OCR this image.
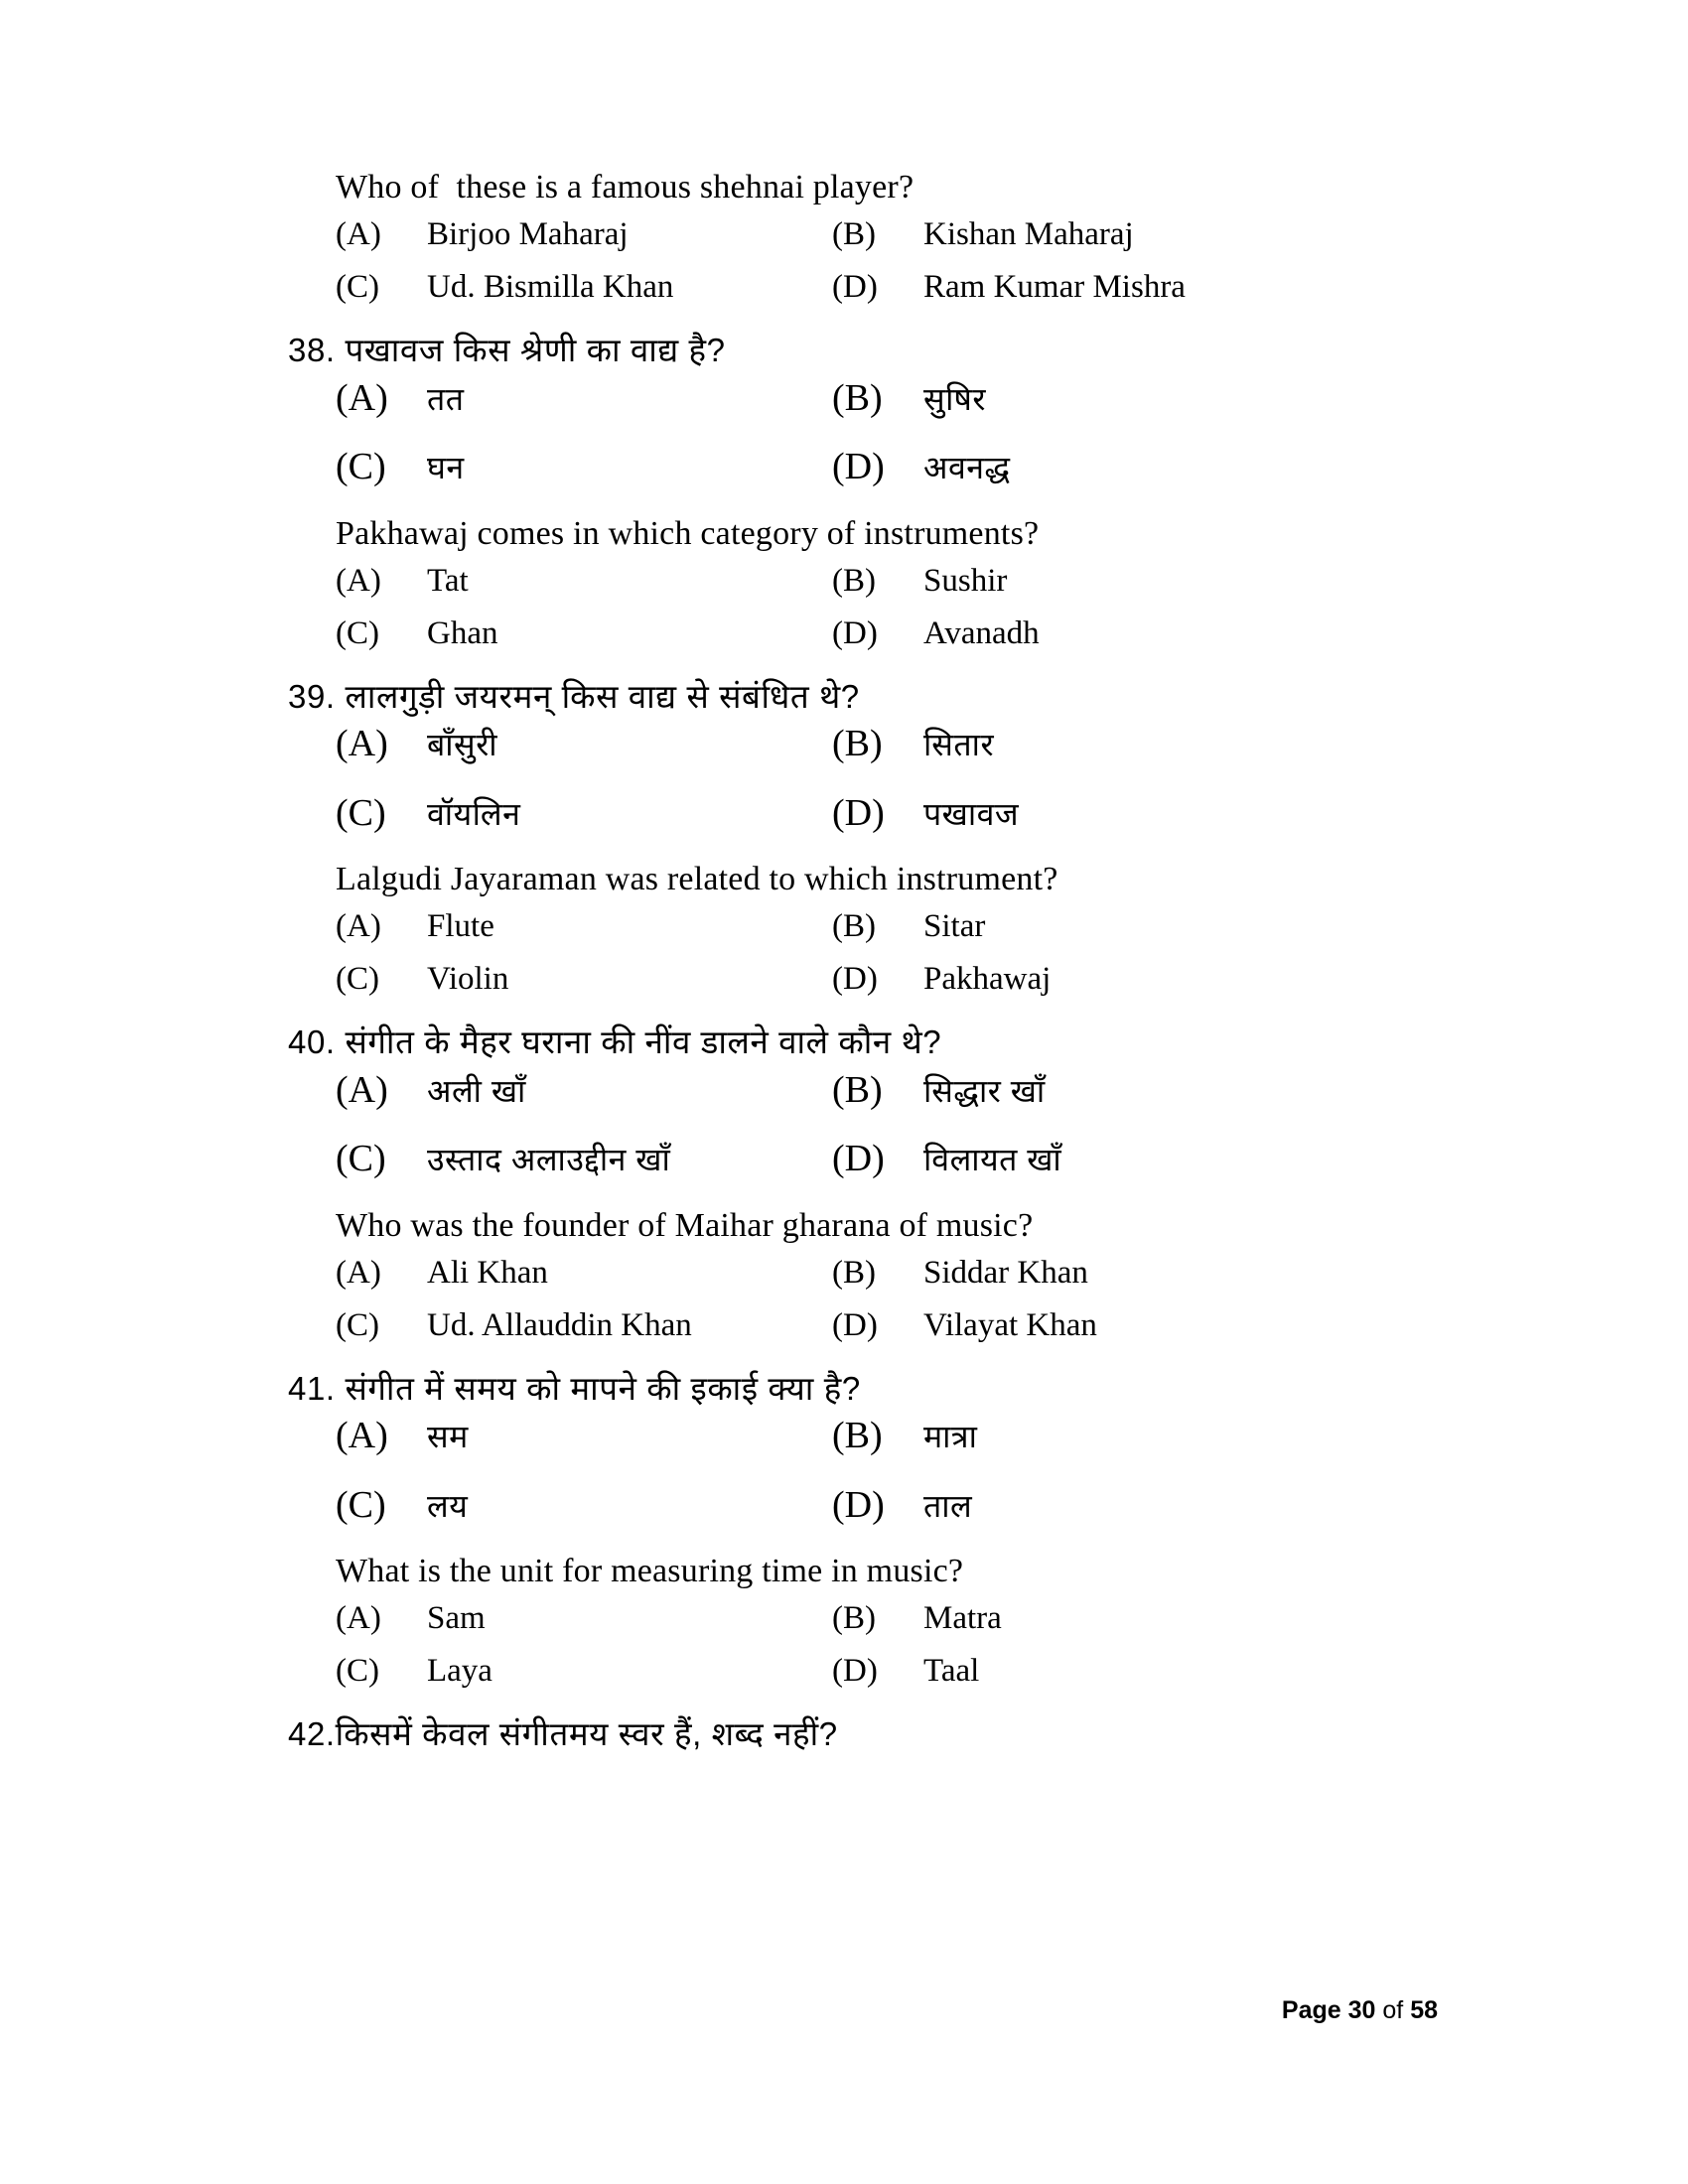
Who of  these is a famous shehnai player?
(A)	Birjoo Maharaj	(B)	Kishan Maharaj
(C)	Ud. Bismilla Khan	(D)	Ram Kumar Mishra
38. पखावज किस श्रेणी का वाद्य है?
(A)	तत	(B)	सुषिर
(C)	घन	(D)	अवनद्ध
Pakhawaj comes in which category of instruments?
(A)	Tat	(B)	Sushir
(C)	Ghan	(D)	Avanadh
39. लालगुड़ी जयरमन् किस वाद्य से संबंधित थे?
(A)	बाँसुरी	(B)	सितार
(C)	वॉयलिन	(D)	पखावज
Lalgudi Jayaraman was related to which instrument?
(A)	Flute	(B)	Sitar
(C)	Violin	(D)	Pakhawaj
40. संगीत के मैहर घराना की नींव डालने वाले कौन थे?
(A)	अली खाँ	(B)	सिद्धार खाँ
(C)	उस्ताद अलाउद्दीन खाँ	(D)	विलायत खाँ
Who was the founder of Maihar gharana of music?
(A)	Ali Khan	(B)	Siddar Khan
(C)	Ud. Allauddin Khan	(D)	Vilayat Khan
41. संगीत में समय को मापने की इकाई क्या है?
(A)	सम	(B)	मात्रा
(C)	लय	(D)	ताल
What is the unit for measuring time in music?
(A)	Sam	(B)	Matra
(C)	Laya	(D)	Taal
42.किसमें केवल संगीतमय स्वर हैं, शब्द नहीं?
Page 30 of 58
